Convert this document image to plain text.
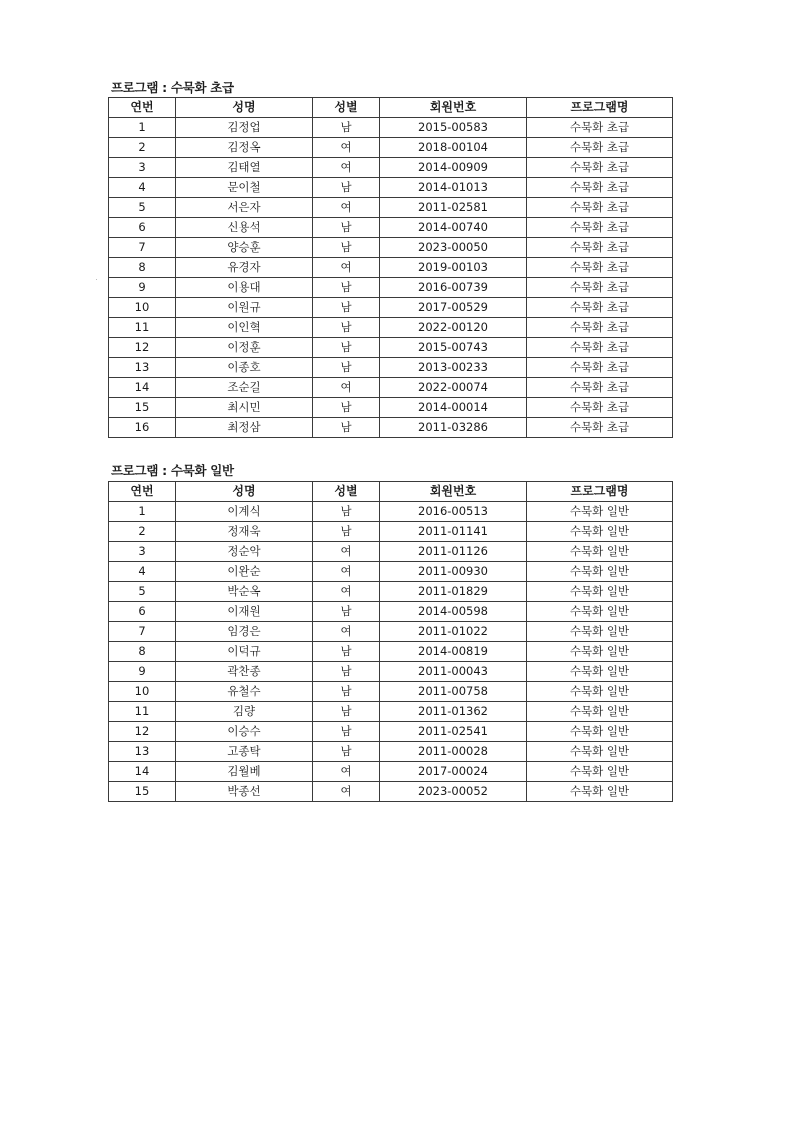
프로그램 : 수묵화 초급
연번	성명	성별	회원번호	프로그램명
1	김정업	남	2015-00583	수묵화 초급
2	김정옥	여	2018-00104	수묵화 초급
3	김태열	여	2014-00909	수묵화 초급
4	문이철	남	2014-01013	수묵화 초급
5	서은자	여	2011-02581	수묵화 초급
6	신용석	남	2014-00740	수묵화 초급
7	양승훈	남	2023-00050	수묵화 초급
8	유경자	여	2019-00103	수묵화 초급
9	이용대	남	2016-00739	수묵화 초급
10	이원규	남	2017-00529	수묵화 초급
11	이인혁	남	2022-00120	수묵화 초급
12	이정훈	남	2015-00743	수묵화 초급
13	이종호	남	2013-00233	수묵화 초급
14	조순길	여	2022-00074	수묵화 초급
15	최시민	남	2014-00014	수묵화 초급
16	최정삼	남	2011-03286	수묵화 초급
프로그램 : 수묵화 일반
연번	성명	성별	회원번호	프로그램명
1	이계식	남	2016-00513	수묵화 일반
2	정재욱	남	2011-01141	수묵화 일반
3	정순악	여	2011-01126	수묵화 일반
4	이완순	여	2011-00930	수묵화 일반
5	박순옥	여	2011-01829	수묵화 일반
6	이재원	남	2014-00598	수묵화 일반
7	임경은	여	2011-01022	수묵화 일반
8	이덕규	남	2014-00819	수묵화 일반
9	곽찬종	남	2011-00043	수묵화 일반
10	유철수	남	2011-00758	수묵화 일반
11	김량	남	2011-01362	수묵화 일반
12	이승수	남	2011-02541	수묵화 일반
13	고종탁	남	2011-00028	수묵화 일반
14	김월베	여	2017-00024	수묵화 일반
15	박종선	여	2023-00052	수묵화 일반
